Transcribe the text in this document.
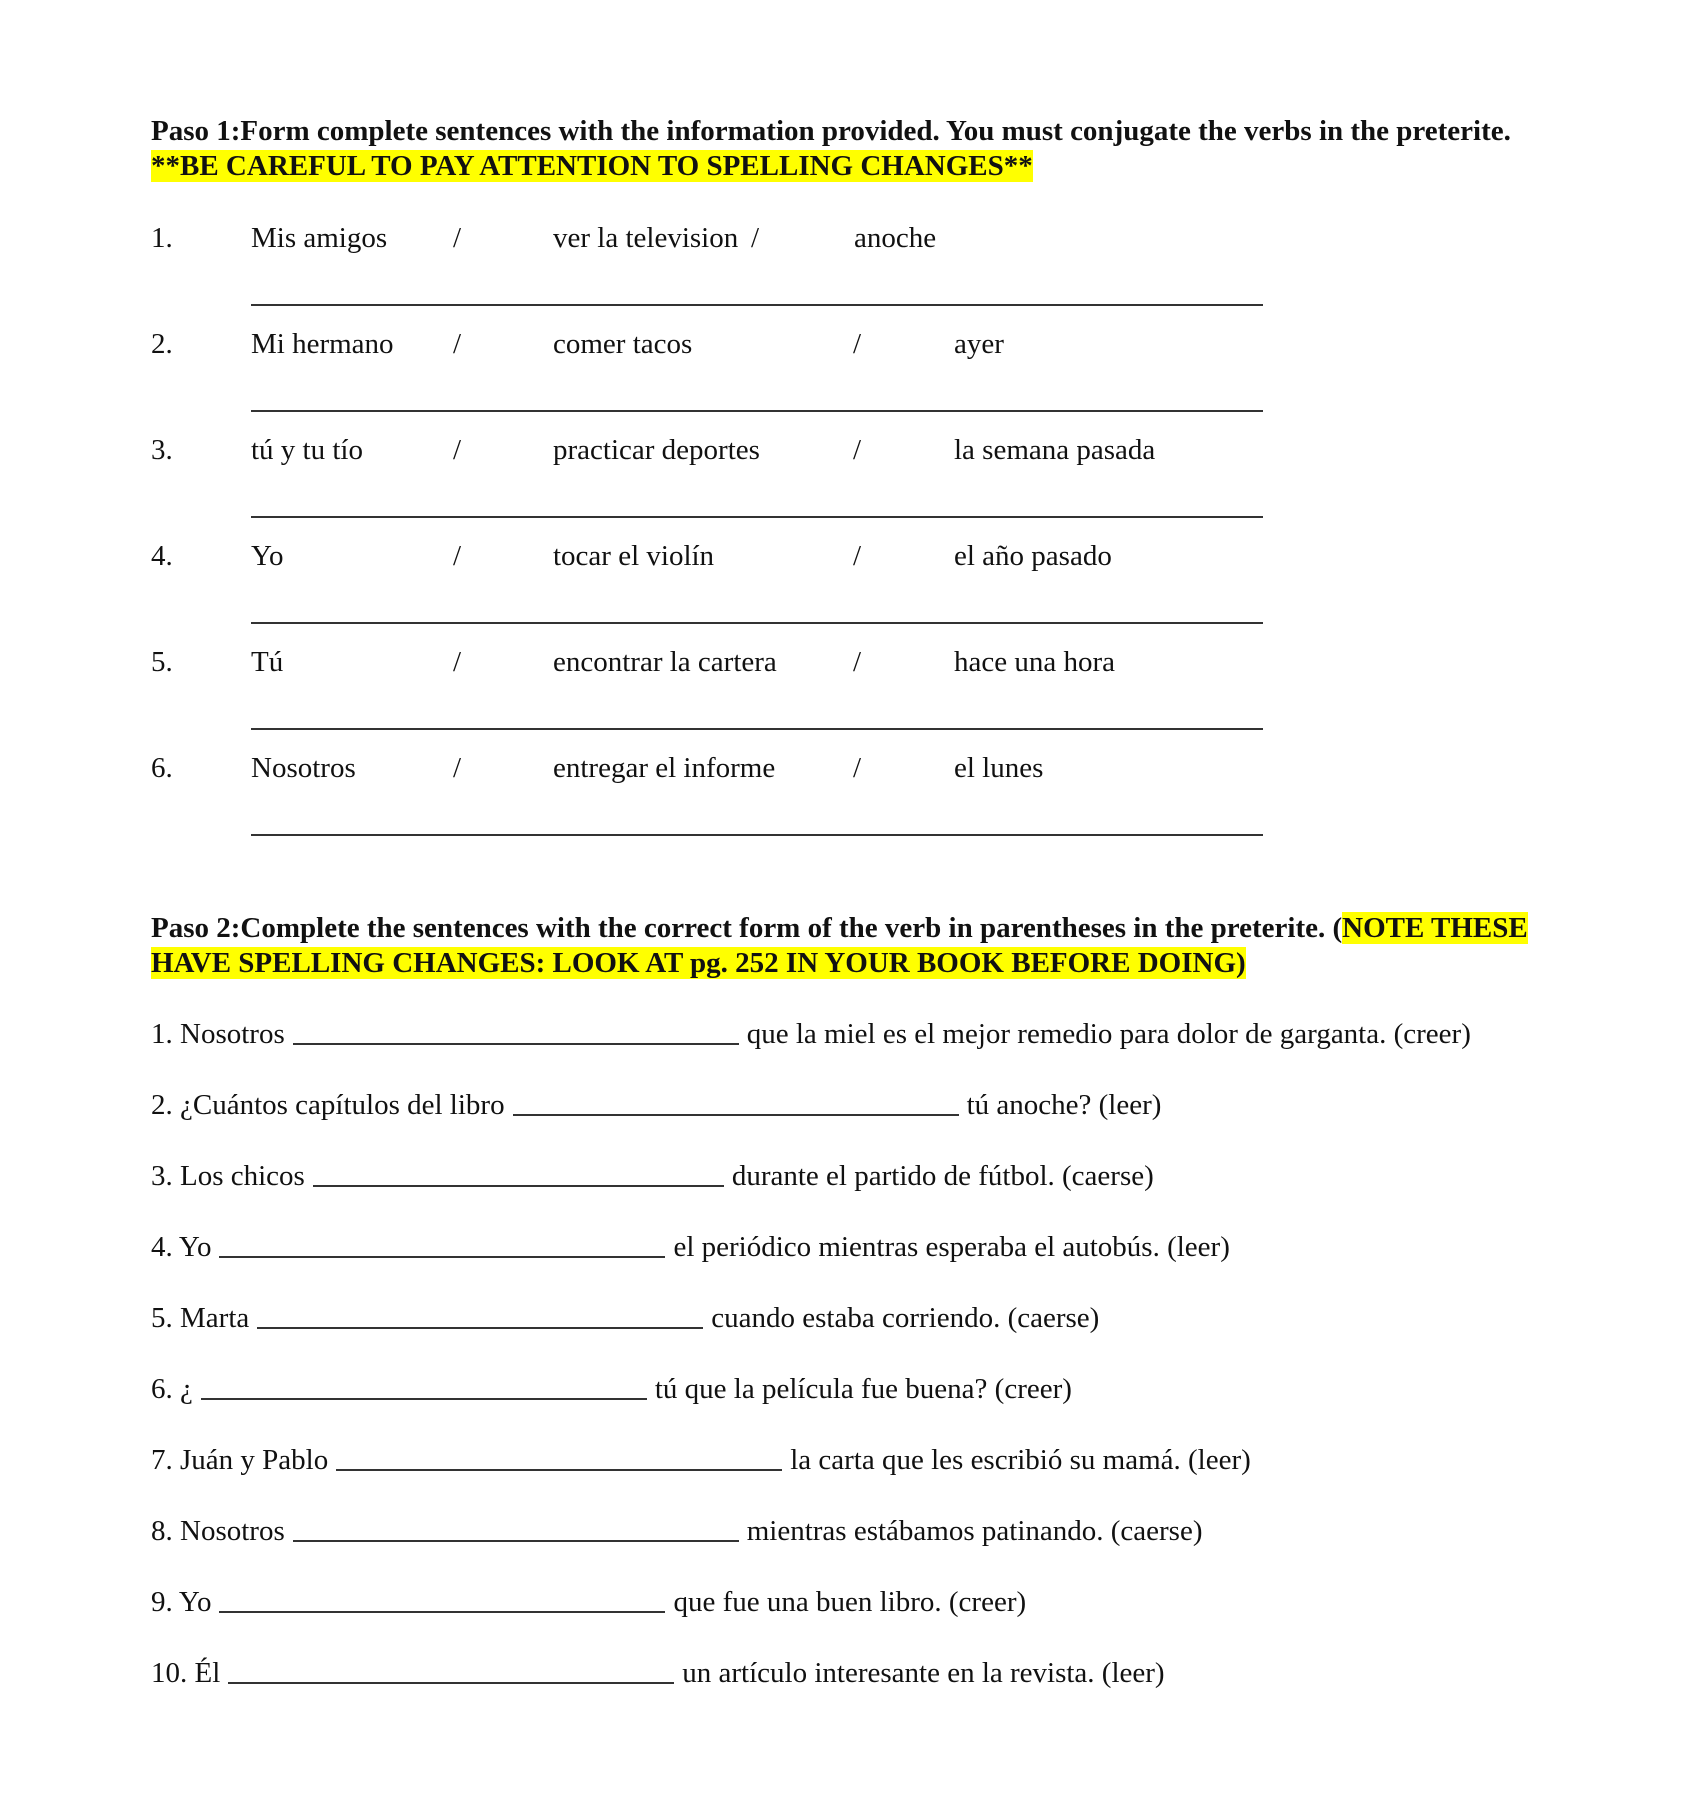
Paso 1:Form complete sentences with the information provided. You must conjugate the verbs in the preterite. **BE CAREFUL TO PAY ATTENTION TO SPELLING CHANGES**
1.	Mis amigos /	ver la television /	anoche
2.	Mi hermano /	comer tacos	/	ayer
3.	tú y tu tío	/	practicar deportes	/	la semana pasada
4.	Yo	/	tocar el violín	/	el año pasado
5.	Tú	/	encontrar la cartera	/	hace una hora
6.	Nosotros	/	entregar el informe	/	el lunes
Paso 2:Complete the sentences with the correct form of the verb in parentheses in the preterite. (NOTE THESE HAVE SPELLING CHANGES: LOOK AT pg. 252 IN YOUR BOOK BEFORE DOING)
1. Nosotros	que la miel es el mejor remedio para dolor de garganta. (creer)
2. ¿Cuántos capítulos del libro	tú anoche? (leer)
3. Los chicos	durante el partido de fútbol. (caerse)
4. Yo	el periódico mientras esperaba el autobús. (leer)
5. Marta	cuando estaba corriendo. (caerse)
6. ¿	tú que la película fue buena? (creer)
7. Juán y Pablo	la carta que les escribió su mamá. (leer)
8. Nosotros	mientras estábamos patinando. (caerse)
9. Yo	que fue una buen libro. (creer)
10. Él	un artículo interesante en la revista. (leer)
